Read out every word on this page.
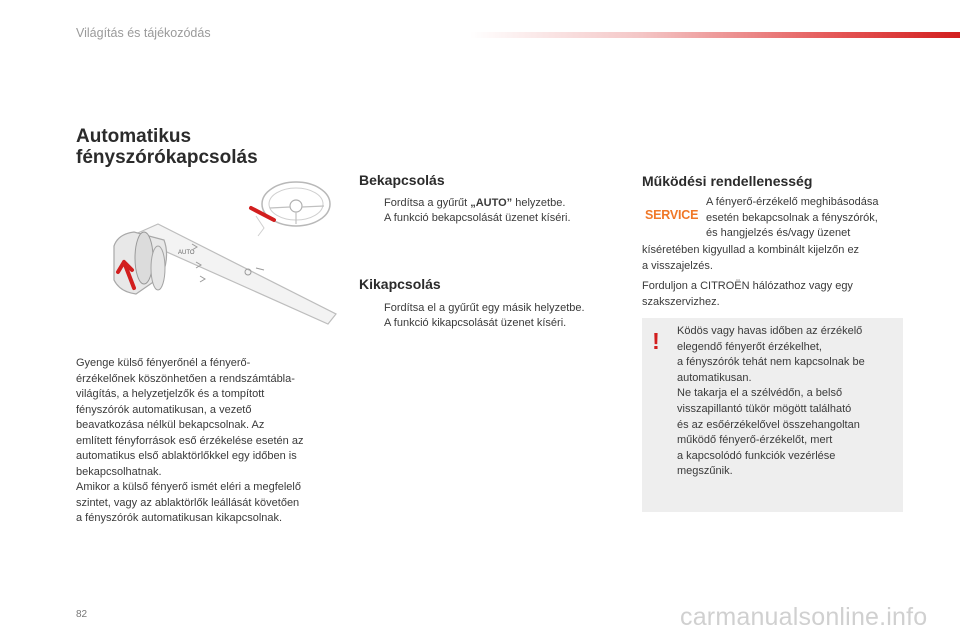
Világítás és tájékozódás
Automatikus
fényszórókapcsolás
AUTO
Gyenge külső fényerőnél a fényerő-
érzékelőnek köszönhetően a rendszámtábla-
világítás, a helyzetjelzők és a tompított
fényszórók automatikusan, a vezető
beavatkozása nélkül bekapcsolnak. Az
említett fényforrások eső érzékelése esetén az
automatikus első ablaktörlőkkel egy időben is
bekapcsolhatnak.
Amikor a külső fényerő ismét eléri a megfelelő
szintet, vagy az ablaktörlők leállását követően
a fényszórók automatikusan kikapcsolnak.
Bekapcsolás
Fordítsa a gyűrűt „AUTO” helyzetbe.
A funkció bekapcsolását üzenet kíséri.
Kikapcsolás
Fordítsa el a gyűrűt egy másik helyzetbe.
A funkció kikapcsolását üzenet kíséri.
Működési rendellenesség
SERVICE
A fényerő-érzékelő meghibásodása
esetén bekapcsolnak a fényszórók,
és hangjelzés és/vagy üzenet
kíséretében kigyullad a kombinált kijelzőn ez
a visszajelzés.
Forduljon a CITROËN hálózathoz vagy egy
szakszervizhez.
!	Ködös vagy havas időben az érzékelő
elegendő fényerőt érzékelhet,
a fényszórók tehát nem kapcsolnak be
automatikusan.
Ne takarja el a szélvédőn, a belső
visszapillantó tükör mögött található
és az esőérzékelővel összehangoltan
működő fényerő-érzékelőt, mert
a kapcsolódó funkciók vezérlése
megszűnik.
82	carmanualsonline.info
